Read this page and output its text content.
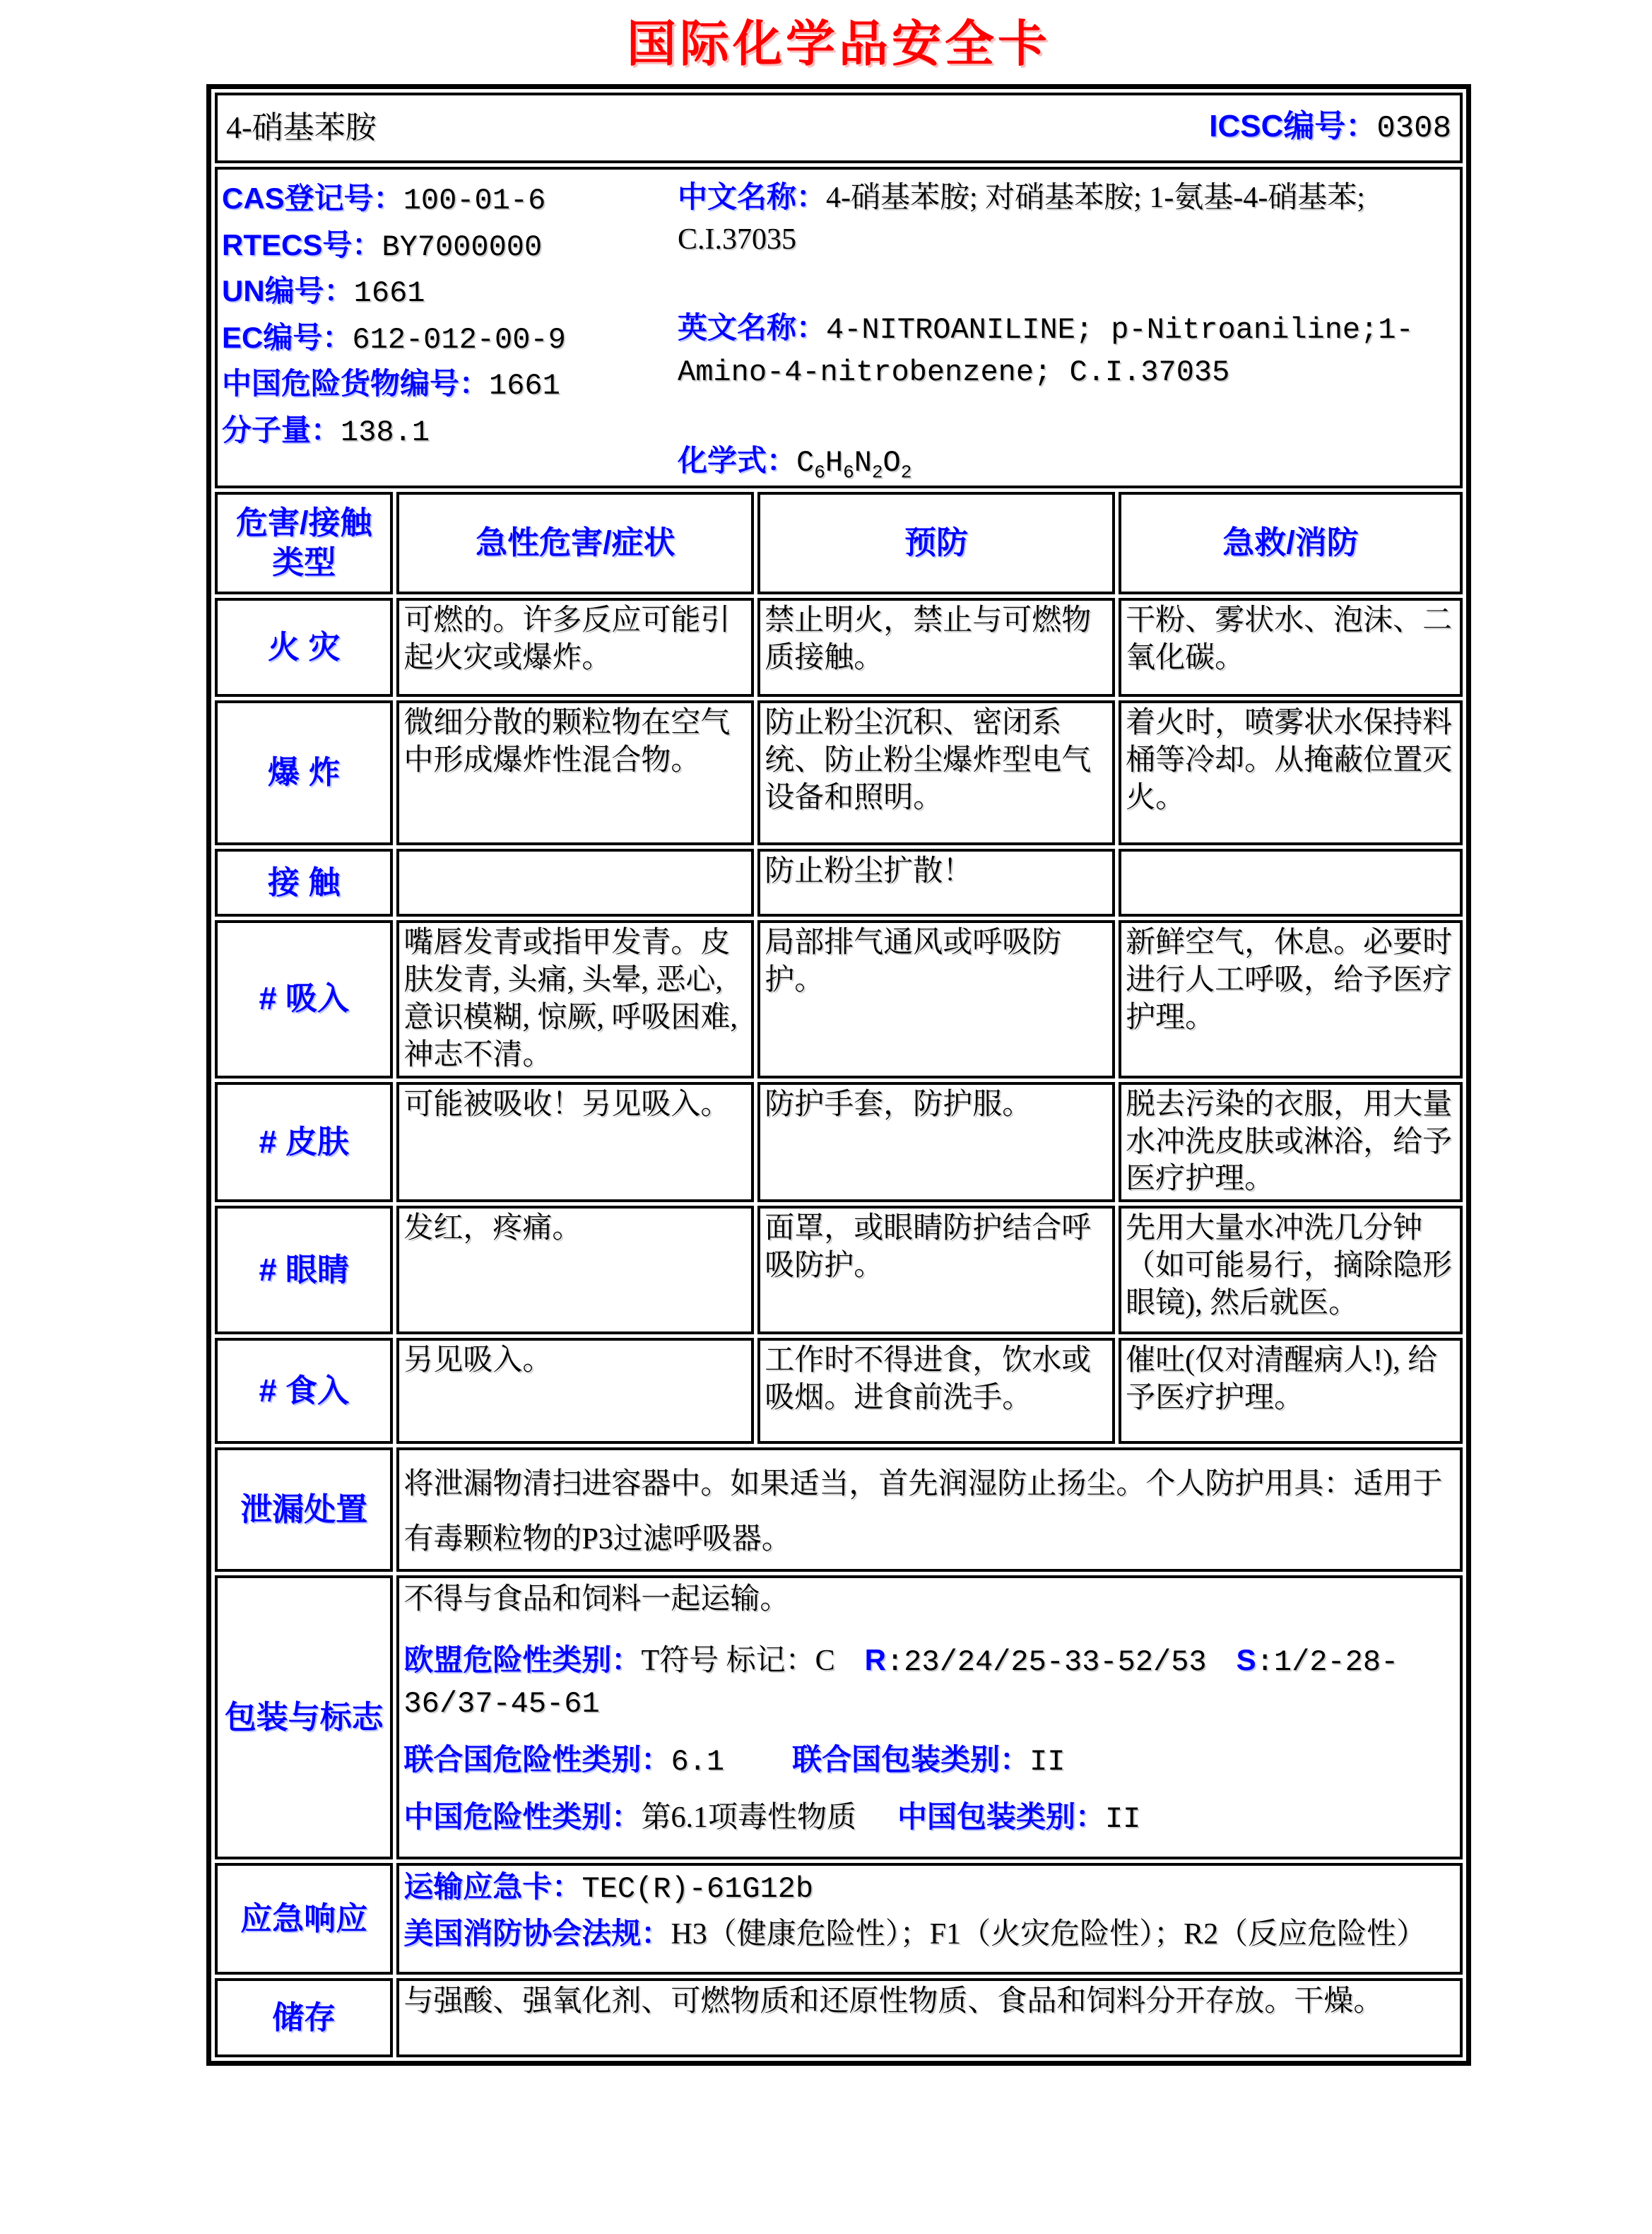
国际化学品安全卡
4-硝基苯胺 ICSC编号：0308			

CAS登记号：100-01-6
RTECS号：BY7000000
UN编号：1661
EC编号：612-012-00-9
中国危险货物编号：1661
分子量：138.1

中文名称：4-硝基苯胺; 对硝基苯胺; 1-氨基-4-硝基苯; C.I.37035

英文名称：4-NITROANILINE; p-Nitroaniline;1-Amino-4-nitrobenzene; C.I.37035

化学式：$C_6H_6N_2O_2$

危害/接触类型	急性危害/症状	预防	急救/消防
火 灾	可燃的。许多反应可能引起火灾或爆炸。	禁止明火，禁止与可燃物质接触。	干粉、雾状水、泡沫、二氧化碳。
爆 炸	微细分散的颗粒物在空气中形成爆炸性混合物。	防止粉尘沉积、密闭系统、防止粉尘爆炸型电气设备和照明。	着火时，喷雾状水保持料桶等冷却。从掩蔽位置灭火。
接 触		防止粉尘扩散！	
# 吸入	嘴唇发青或指甲发青。皮肤发青, 头痛, 头晕, 恶心, 意识模糊, 惊厥, 呼吸困难, 神志不清。	局部排气通风或呼吸防护。	新鲜空气，休息。必要时进行人工呼吸，给予医疗护理。
# 皮肤	可能被吸收！另见吸入。	防护手套，防护服。	脱去污染的衣服，用大量水冲洗皮肤或淋浴，给予医疗护理。
# 眼睛	发红，疼痛。	面罩，或眼睛防护结合呼吸防护。	先用大量水冲洗几分钟（如可能易行，摘除隐形眼镜), 然后就医。
# 食入	另见吸入。	工作时不得进食，饮水或吸烟。进食前洗手。	催吐(仅对清醒病人!), 给予医疗护理。
泄漏处置	将泄漏物清扫进容器中。如果适当，首先润湿防止扬尘。个人防护用具：适用于有毒颗粒物的P3过滤呼吸器。		
包装与标志	不得与食品和饲料一起运输。

欧盟危险性类别：T符号 标记：C R:23/24/25-33-52/53 S:1/2-28-36/37-45-61

联合国危险性类别：6.1 联合国包装类别：II

中国危险性类别：第6.1项毒性物质 中国包装类别：II		

应急响应	运输应急卡：TEC(R)-61G12b

美国消防协会法规：H3（健康危险性）；F1（火灾危险性）；R2（反应危险性）		

储存	与强酸、强氧化剂、可燃物质和还原性物质、食品和饲料分开存放。干燥。		
